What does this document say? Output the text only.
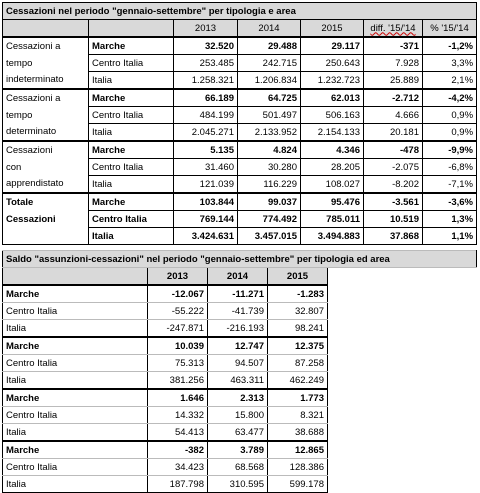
Cessazioni nel periodo "gennaio-settembre" per tipologia e area						
		2013	2014	2015	diff. '15/'14	% '15/'14
Cessazioni a	Marche	32.520	29.488	29.117	-371	-1,2%
tempo	Centro Italia	253.485	242.715	250.643	7.928	3,3%
indeterminato	Italia	1.258.321	1.206.834	1.232.723	25.889	2,1%
Cessazioni a	Marche	66.189	64.725	62.013	-2.712	-4,2%
tempo	Centro Italia	484.199	501.497	506.163	4.666	0,9%
determinato	Italia	2.045.271	2.133.952	2.154.133	20.181	0,9%
Cessazioni	Marche	5.135	4.824	4.346	-478	-9,9%
con	Centro Italia	31.460	30.280	28.205	-2.075	-6,8%
apprendistato	Italia	121.039	116.229	108.027	-8.202	-7,1%
Totale	Marche	103.844	99.037	95.476	-3.561	-3,6%
Cessazioni	Centro Italia	769.144	774.492	785.011	10.519	1,3%
	Italia	3.424.631	3.457.015	3.494.883	37.868	1,1%
Saldo "assunzioni-cessazioni" nel periodo "gennaio-settembre" per tipologia ed area				
	2013	2014	2015	
Marche	-12.067	-11.271	-1.283	
Centro Italia	-55.222	-41.739	32.807	
Italia	-247.871	-216.193	98.241	
Marche	10.039	12.747	12.375	
Centro Italia	75.313	94.507	87.258	
Italia	381.256	463.311	462.249	
Marche	1.646	2.313	1.773	
Centro Italia	14.332	15.800	8.321	
Italia	54.413	63.477	38.688	
Marche	-382	3.789	12.865	
Centro Italia	34.423	68.568	128.386	
Italia	187.798	310.595	599.178	
